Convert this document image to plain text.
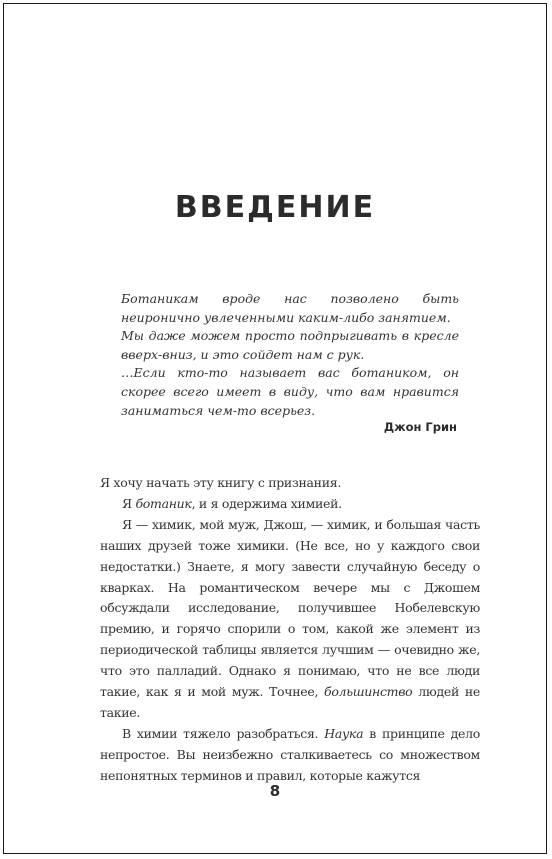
ВВЕДЕНИЕ

Ботаникам вроде нас позволено быть неиронично увлеченными каким-либо занятием.

Мы даже можем просто подпрыгивать в кресле вверх-вниз, и это сойдет нам с рук.

…Если кто-то называет вас ботаником, он скорее всего имеет в виду, что вам нравится заниматься чем-то всерьез.

Джон Грин

Я хочу начать эту книгу с признания.

Я ботаник, и я одержима химией.

Я — химик, мой муж, Джош, — химик, и большая часть наших друзей тоже химики. (Не все, но у каждого свои недостатки.) Знаете, я могу завести случайную беседу о кварках. На романтическом вечере мы с Джошем обсуждали исследование, получившее Нобелевскую премию, и горячо спорили о том, какой же элемент из периодической таблицы является лучшим — очевидно же, что это палладий. Однако я понимаю, что не все люди такие, как я и мой муж. Точнее, большинство людей не такие.

В химии тяжело разобраться. Наука в принципе дело непростое. Вы неизбежно сталкиваетесь со множеством непонятных терминов и правил, которые кажутся

8
